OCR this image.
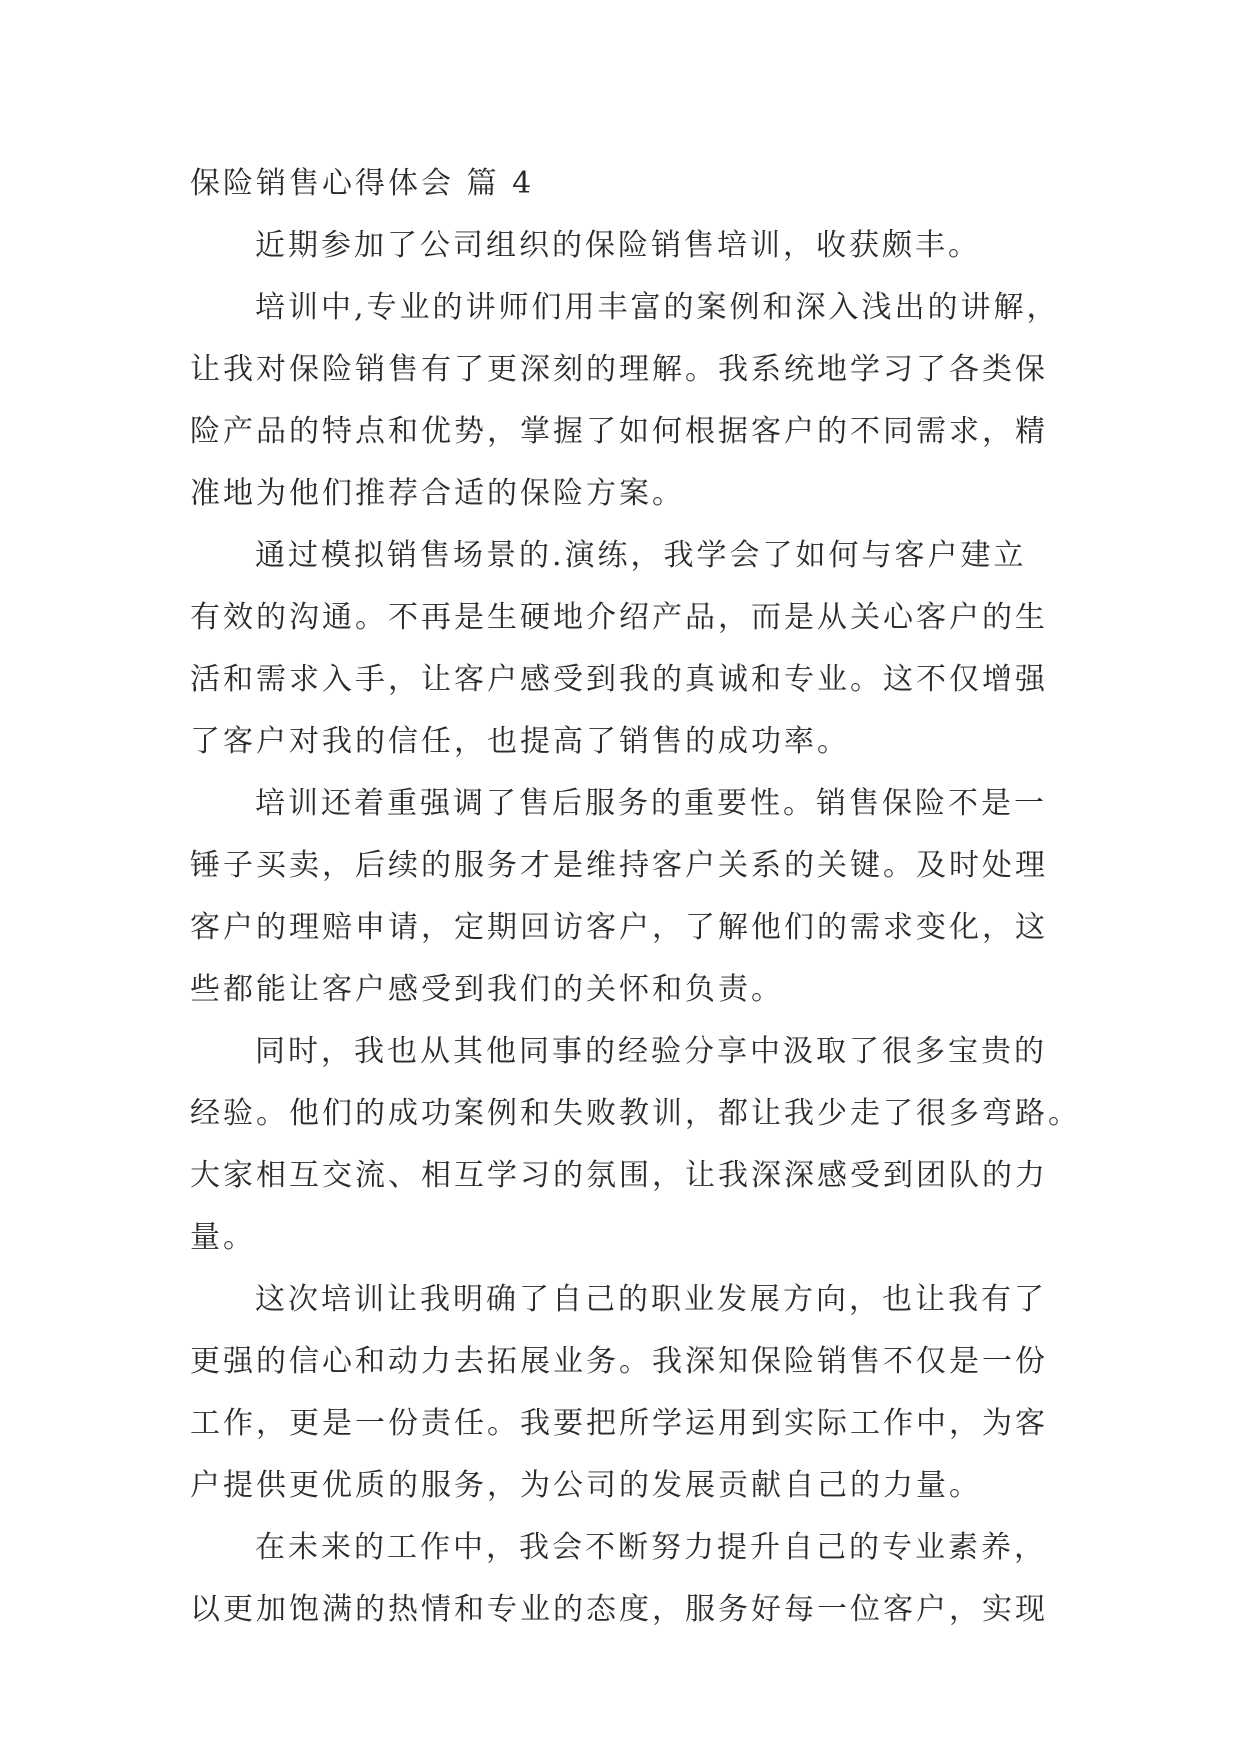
保险销售心得体会 篇 4
近期参加了公司组织的保险销售培训，收获颇丰。
培训中,专业的讲师们用丰富的案例和深入浅出的讲解，
让我对保险销售有了更深刻的理解。我系统地学习了各类保
险产品的特点和优势，掌握了如何根据客户的不同需求，精
准地为他们推荐合适的保险方案。
通过模拟销售场景的.演练，我学会了如何与客户建立
有效的沟通。不再是生硬地介绍产品，而是从关心客户的生
活和需求入手，让客户感受到我的真诚和专业。这不仅增强
了客户对我的信任，也提高了销售的成功率。
培训还着重强调了售后服务的重要性。销售保险不是一
锤子买卖，后续的服务才是维持客户关系的关键。及时处理
客户的理赔申请，定期回访客户，了解他们的需求变化，这
些都能让客户感受到我们的关怀和负责。
同时，我也从其他同事的经验分享中汲取了很多宝贵的
经验。他们的成功案例和失败教训，都让我少走了很多弯路。
大家相互交流、相互学习的氛围，让我深深感受到团队的力
量。
这次培训让我明确了自己的职业发展方向，也让我有了
更强的信心和动力去拓展业务。我深知保险销售不仅是一份
工作，更是一份责任。我要把所学运用到实际工作中，为客
户提供更优质的服务，为公司的发展贡献自己的力量。
在未来的工作中，我会不断努力提升自己的专业素养，
以更加饱满的热情和专业的态度，服务好每一位客户，实现
